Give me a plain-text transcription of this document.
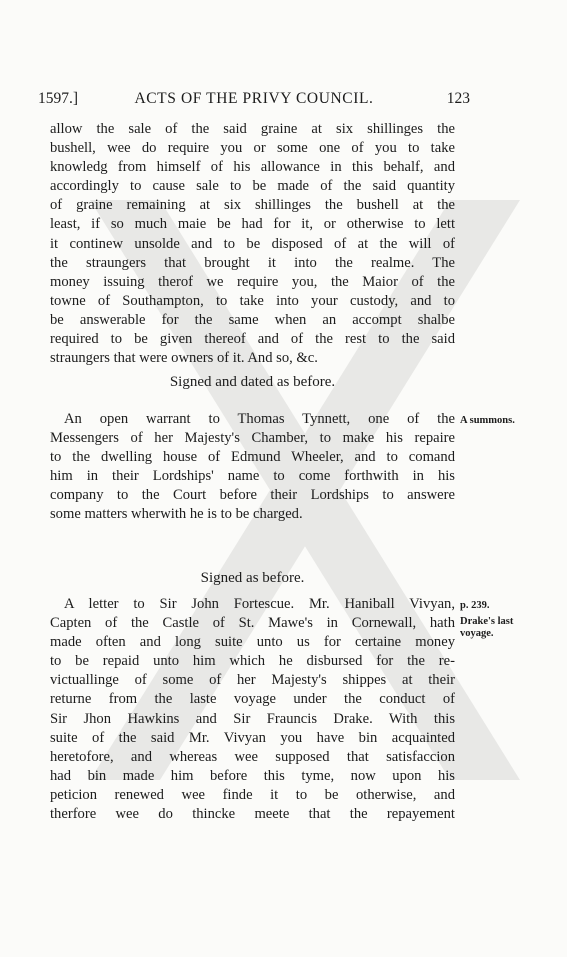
1597.]	ACTS OF THE PRIVY COUNCIL.	123

allow the sale of the said graine at six shillinges the
bushell, wee do require you or some one of you to take
knowledg from himself of his allowance in this behalf, and
accordingly to cause sale to be made of the said quantity
of graine remaining at six shillinges the bushell at the
least, if so much maie be had for it, or otherwise to lett
it continew unsolde and to be disposed of at the will of
the straungers that brought it into the realme. The
money issuing therof we require you, the Maior of the
towne of Southampton, to take into your custody, and to
be answerable for the same when an accompt shalbe
required to be given thereof and of the rest to the said
straungers that were owners of it. And so, &c.

Signed and dated as before.

An open warrant to Thomas Tynnett, one of the
Messengers of her Majesty's Chamber, to make his repaire
to the dwelling house of Edmund Wheeler, and to comand
him in their Lordships' name to come forthwith in his
company to the Court before their Lordships to answere
some matters wherwith he is to be charged.

A summons.
Signed as before.

A letter to Sir John Fortescue. Mr. Haniball Vivyan,
Capten of the Castle of St. Mawe's in Cornewall, hath
made often and long suite unto us for certaine money
to be repaid unto him which he disbursed for the re-
victuallinge of some of her Majesty's shippes at their
returne from the laste voyage under the conduct of
Sir Jhon Hawkins and Sir Frauncis Drake. With this
suite of the said Mr. Vivyan you have bin acquainted
heretofore, and whereas wee supposed that satisfaccion
had bin made him before this tyme, now upon his
peticion renewed wee finde it to be otherwise, and
therfore wee do thincke meete that the repayement

p. 239.
Drake's last
voyage.
